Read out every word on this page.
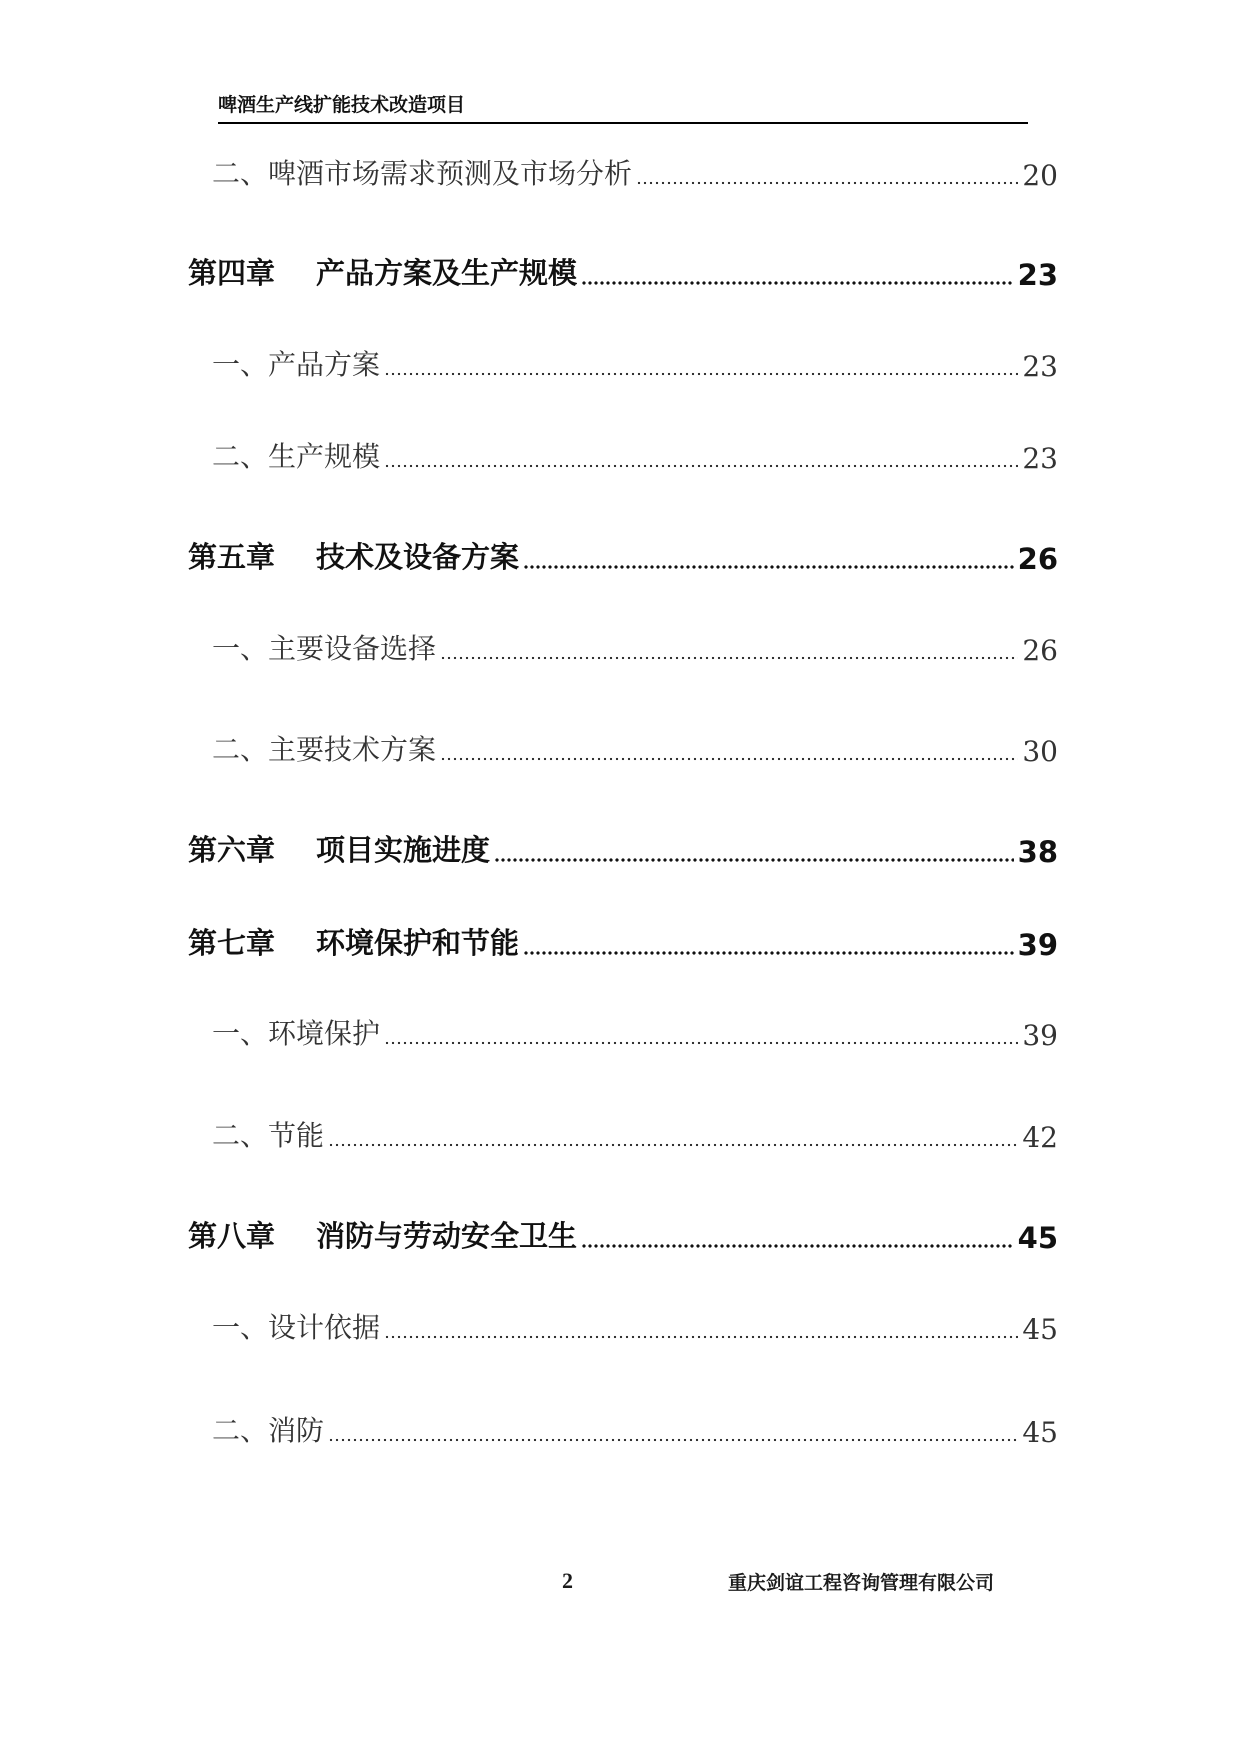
啤酒生产线扩能技术改造项目
二、啤酒市场需求预测及市场分析	20
第四章 产品方案及生产规模	23
一、产品方案	23
二、生产规模	23
第五章 技术及设备方案	26
一、主要设备选择	26
二、主要技术方案	30
第六章 项目实施进度	38
第七章 环境保护和节能	39
一、环境保护	39
二、节能	42
第八章 消防与劳动安全卫生	45
一、设计依据	45
二、消防	45
2	重庆剑谊工程咨询管理有限公司
